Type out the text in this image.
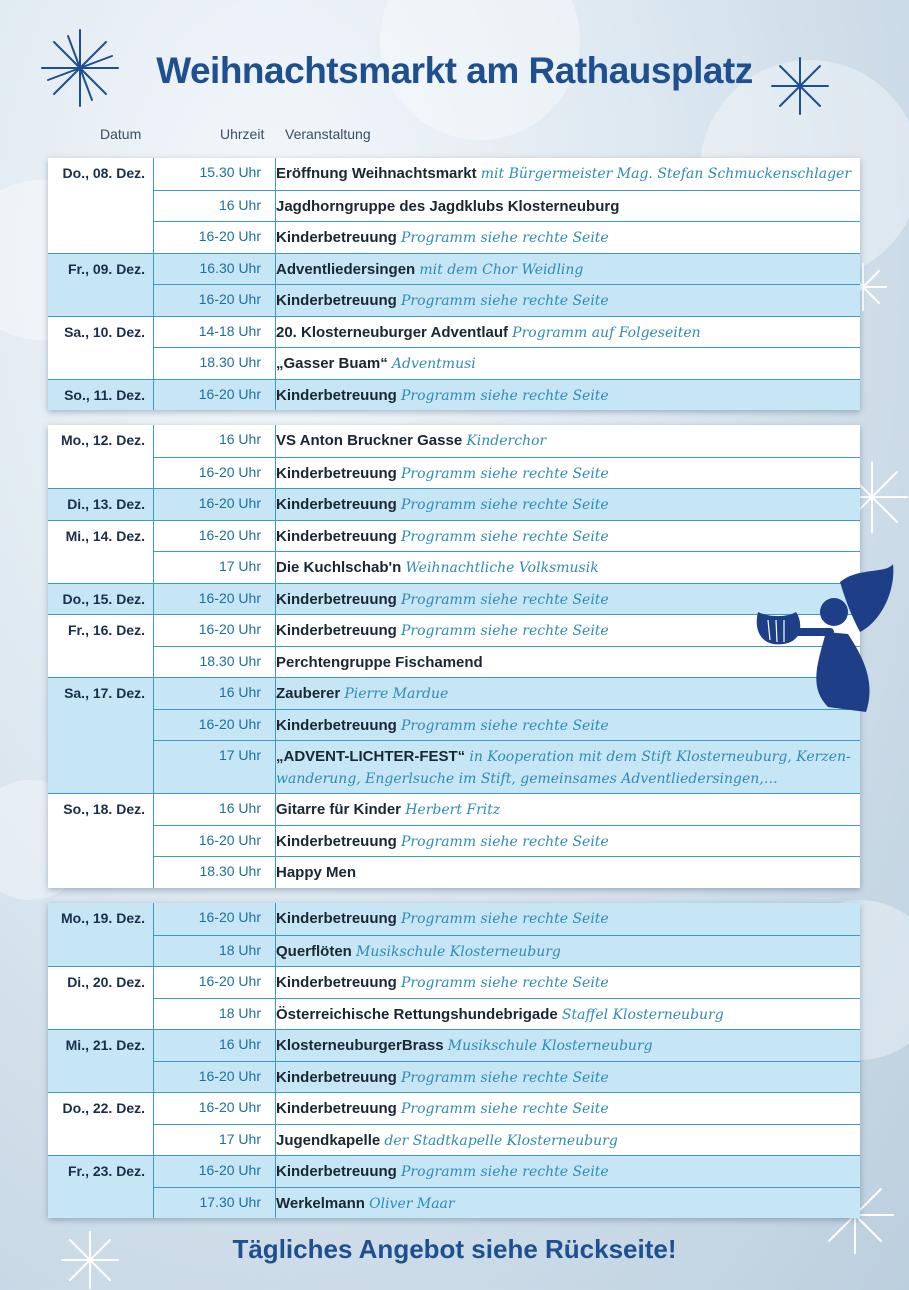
Weihnachtsmarkt am Rathausplatz
Datum	Uhrzeit Veranstaltung
Do., 08. Dez.	15.30 Uhr	Eröffnung Weihnachtsmarkt mit Bürgermeister Mag. Stefan Schmuckenschlager
16 Uhr	Jagdhorngruppe des Jagdklubs Klosterneuburg
16-20 Uhr	Kinderbetreuung Programm siehe rechte Seite
Fr., 09. Dez.	16.30 Uhr	Adventliedersingen mit dem Chor Weidling
16-20 Uhr	Kinderbetreuung Programm siehe rechte Seite
Sa., 10. Dez.	14-18 Uhr	20. Klosterneuburger Adventlauf Programm auf Folgeseiten
18.30 Uhr	„Gasser Buam“ Adventmusi
So., 11. Dez.	16-20 Uhr	Kinderbetreuung Programm siehe rechte Seite
Mo., 12. Dez.	16 Uhr	VS Anton Bruckner Gasse Kinderchor
16-20 Uhr	Kinderbetreuung Programm siehe rechte Seite
Di., 13. Dez.	16-20 Uhr	Kinderbetreuung Programm siehe rechte Seite
Mi., 14. Dez.	16-20 Uhr	Kinderbetreuung Programm siehe rechte Seite
17 Uhr	Die Kuchlschab'n Weihnachtliche Volksmusik
Do., 15. Dez.	16-20 Uhr	Kinderbetreuung Programm siehe rechte Seite
Fr., 16. Dez.	16-20 Uhr	Kinderbetreuung Programm siehe rechte Seite
18.30 Uhr	Perchtengruppe Fischamend
Sa., 17. Dez.	16 Uhr	Zauberer Pierre Mardue
16-20 Uhr	Kinderbetreuung Programm siehe rechte Seite
17 Uhr	„ADVENT-LICHTER-FEST“ in Kooperation mit dem Stift Klosterneuburg, Kerzenwanderung, Engerlsuche im Stift, gemeinsames Adventliedersingen,…
So., 18. Dez.	16 Uhr	Gitarre für Kinder Herbert Fritz
16-20 Uhr	Kinderbetreuung Programm siehe rechte Seite
18.30 Uhr	Happy Men
Mo., 19. Dez.	16-20 Uhr	Kinderbetreuung Programm siehe rechte Seite
18 Uhr	Querflöten Musikschule Klosterneuburg
Di., 20. Dez.	16-20 Uhr	Kinderbetreuung Programm siehe rechte Seite
18 Uhr	Österreichische Rettungshundebrigade Staffel Klosterneuburg
Mi., 21. Dez.	16 Uhr	KlosterneuburgerBrass Musikschule Klosterneuburg
16-20 Uhr	Kinderbetreuung Programm siehe rechte Seite
Do., 22. Dez.	16-20 Uhr	Kinderbetreuung Programm siehe rechte Seite
17 Uhr	Jugendkapelle der Stadtkapelle Klosterneuburg
Fr., 23. Dez.	16-20 Uhr	Kinderbetreuung Programm siehe rechte Seite
17.30 Uhr	Werkelmann Oliver Maar
Tägliches Angebot siehe Rückseite!
